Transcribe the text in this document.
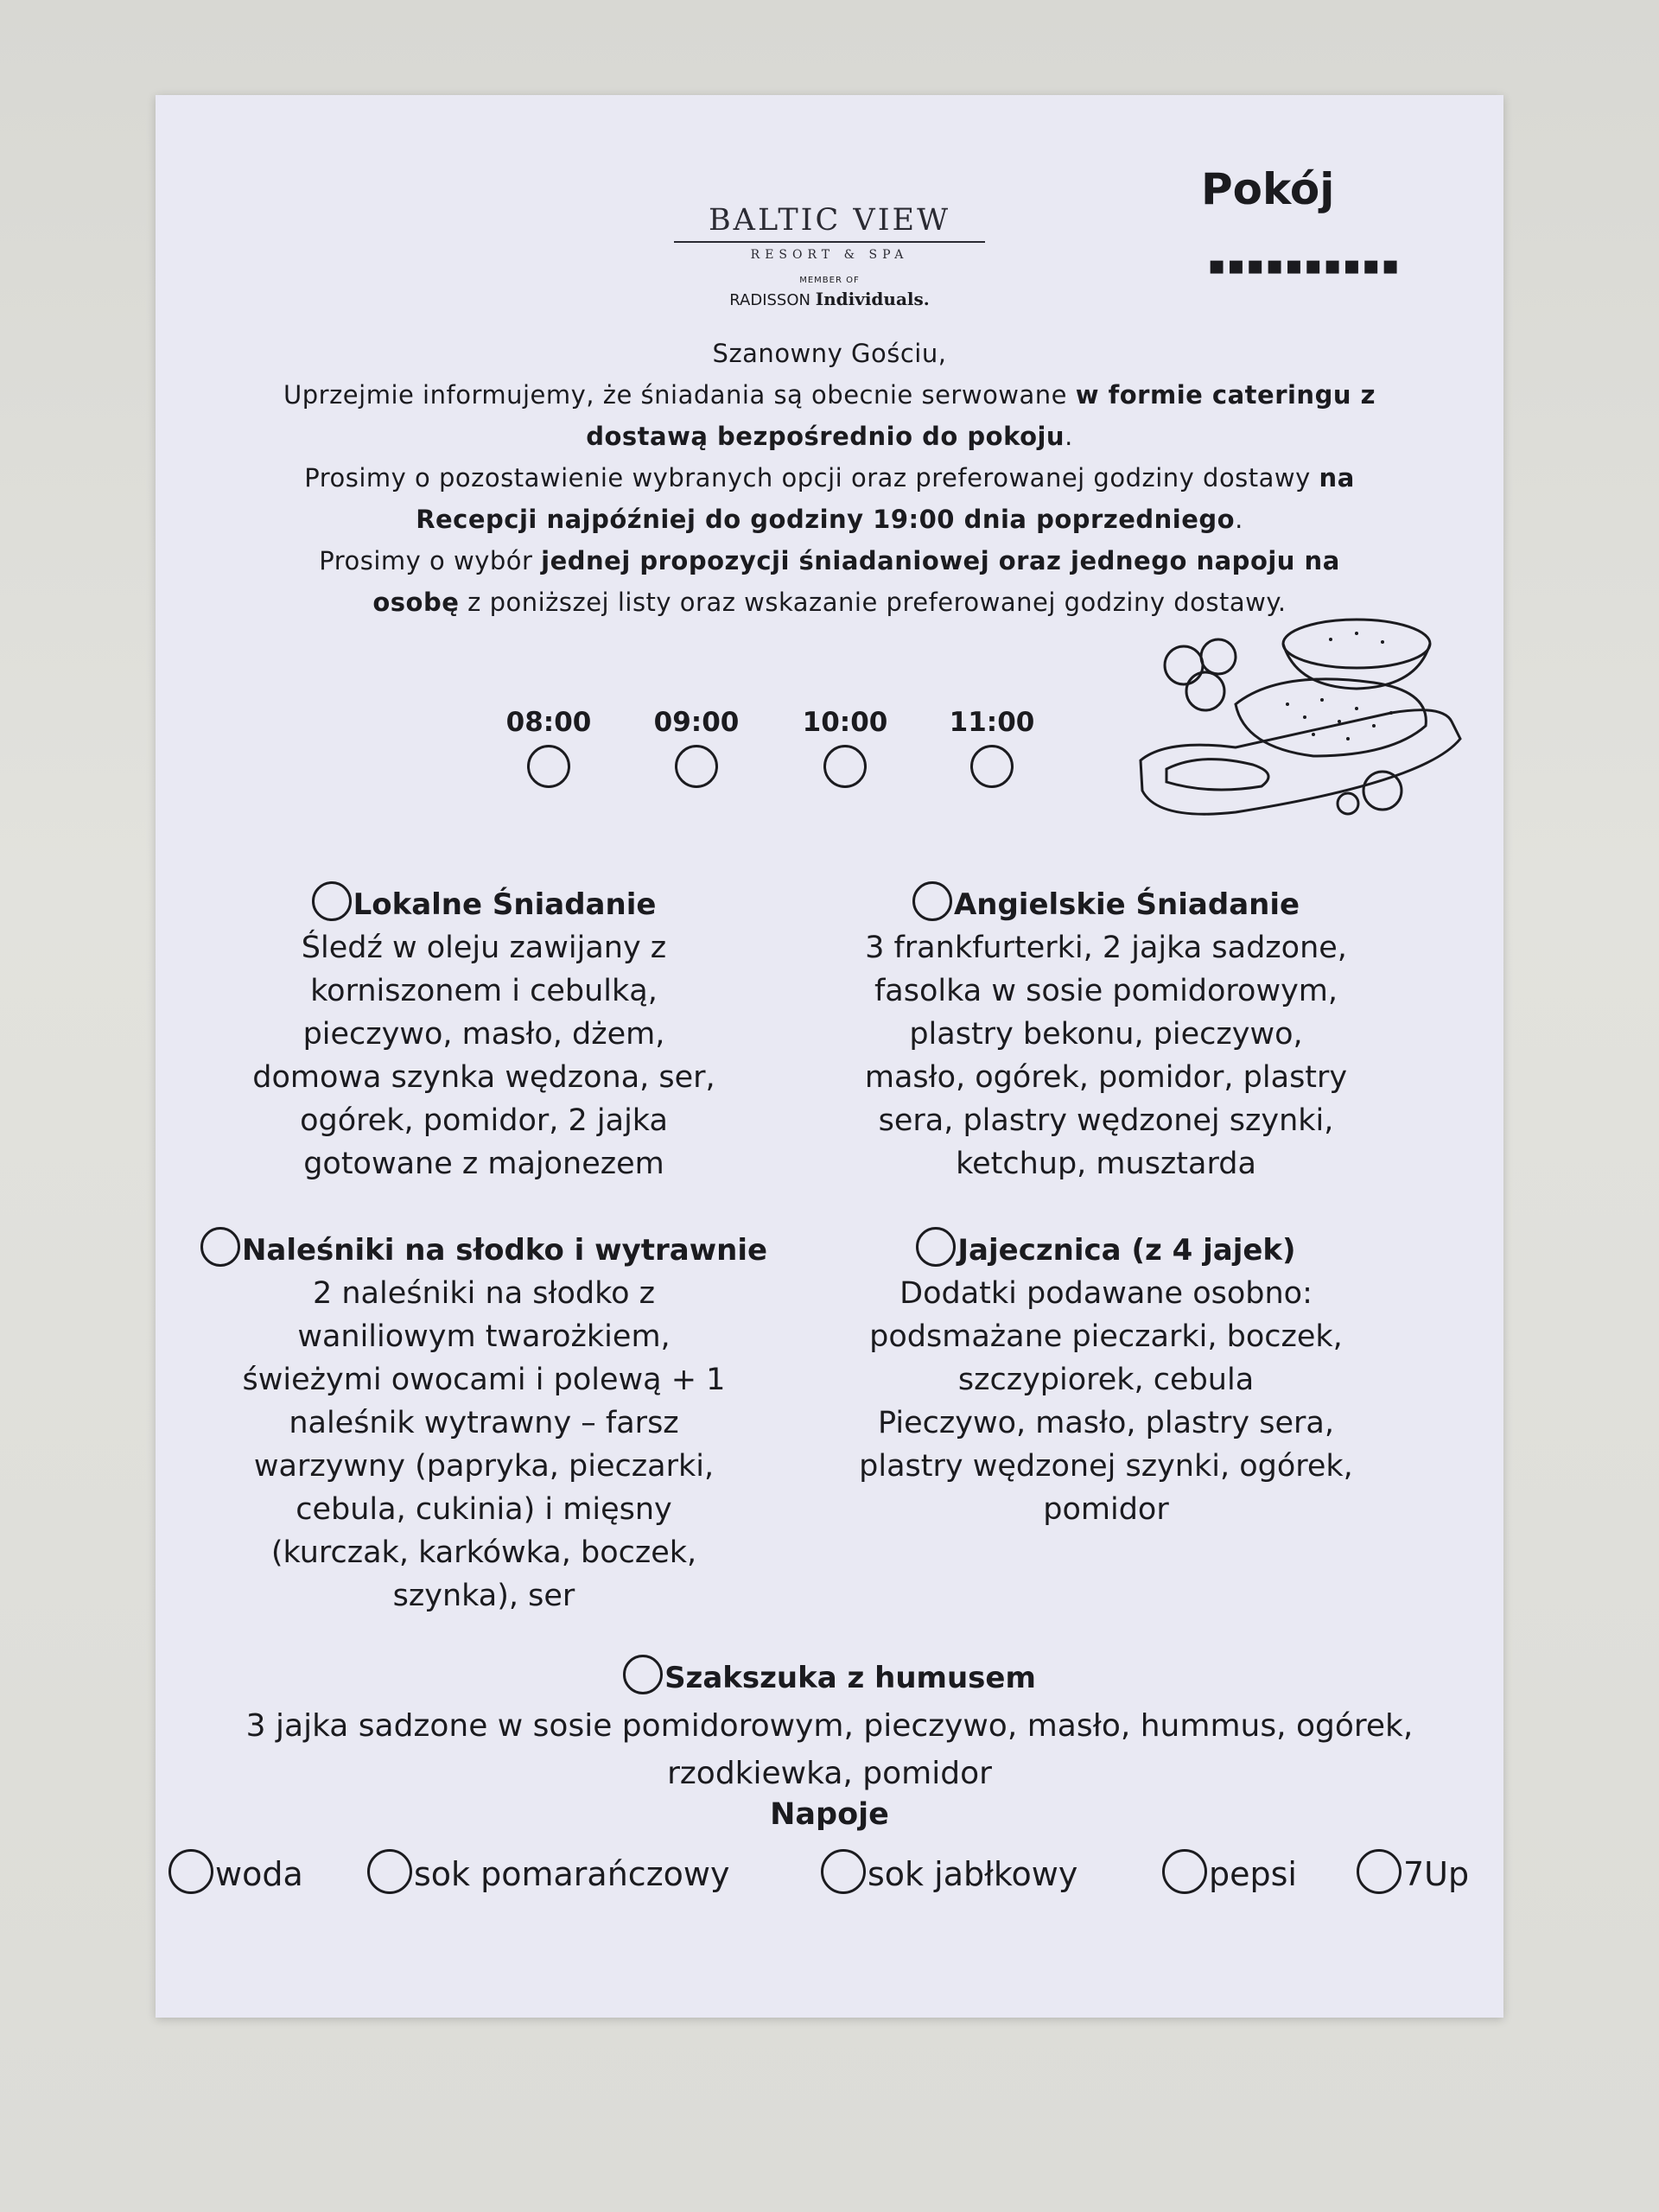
Pokój
▪▪▪▪▪▪▪▪▪▪
BALTIC VIEW
RESORT & SPA
MEMBER OF
RADISSON Individuals.
Szanowny Gościu,
Uprzejmie informujemy, że śniadania są obecnie serwowane w formie cateringu z dostawą bezpośrednio do pokoju.
Prosimy o pozostawienie wybranych opcji oraz preferowanej godziny dostawy na Recepcji najpóźniej do godziny 19:00 dnia poprzedniego.
Prosimy o wybór jednej propozycji śniadaniowej oraz jednego napoju na osobę z poniższej listy oraz wskazanie preferowanej godziny dostawy.
08:00	09:00	10:00	11:00
Lokalne Śniadanie
Śledź w oleju zawijany z
korniszonem i cebulką,
pieczywo, masło, dżem,
domowa szynka wędzona, ser,
ogórek, pomidor, 2 jajka
gotowane z majonezem
Angielskie Śniadanie
3 frankfurterki, 2 jajka sadzone,
fasolka w sosie pomidorowym,
plastry bekonu, pieczywo,
masło, ogórek, pomidor, plastry
sera, plastry wędzonej szynki,
ketchup, musztarda
Naleśniki na słodko i wytrawnie
2 naleśniki na słodko z
waniliowym twarożkiem,
świeżymi owocami i polewą + 1
naleśnik wytrawny – farsz
warzywny (papryka, pieczarki,
cebula, cukinia) i mięsny
(kurczak, karkówka, boczek,
szynka), ser
Jajecznica (z 4 jajek)
Dodatki podawane osobno:
podsmażane pieczarki, boczek,
szczypiorek, cebula
Pieczywo, masło, plastry sera,
plastry wędzonej szynki, ogórek,
pomidor
Szakszuka z humusem
3 jajka sadzone w sosie pomidorowym, pieczywo, masło, hummus, ogórek,
rzodkiewka, pomidor
Napoje
woda	sok pomarańczowy	sok jabłkowy	pepsi	7Up
